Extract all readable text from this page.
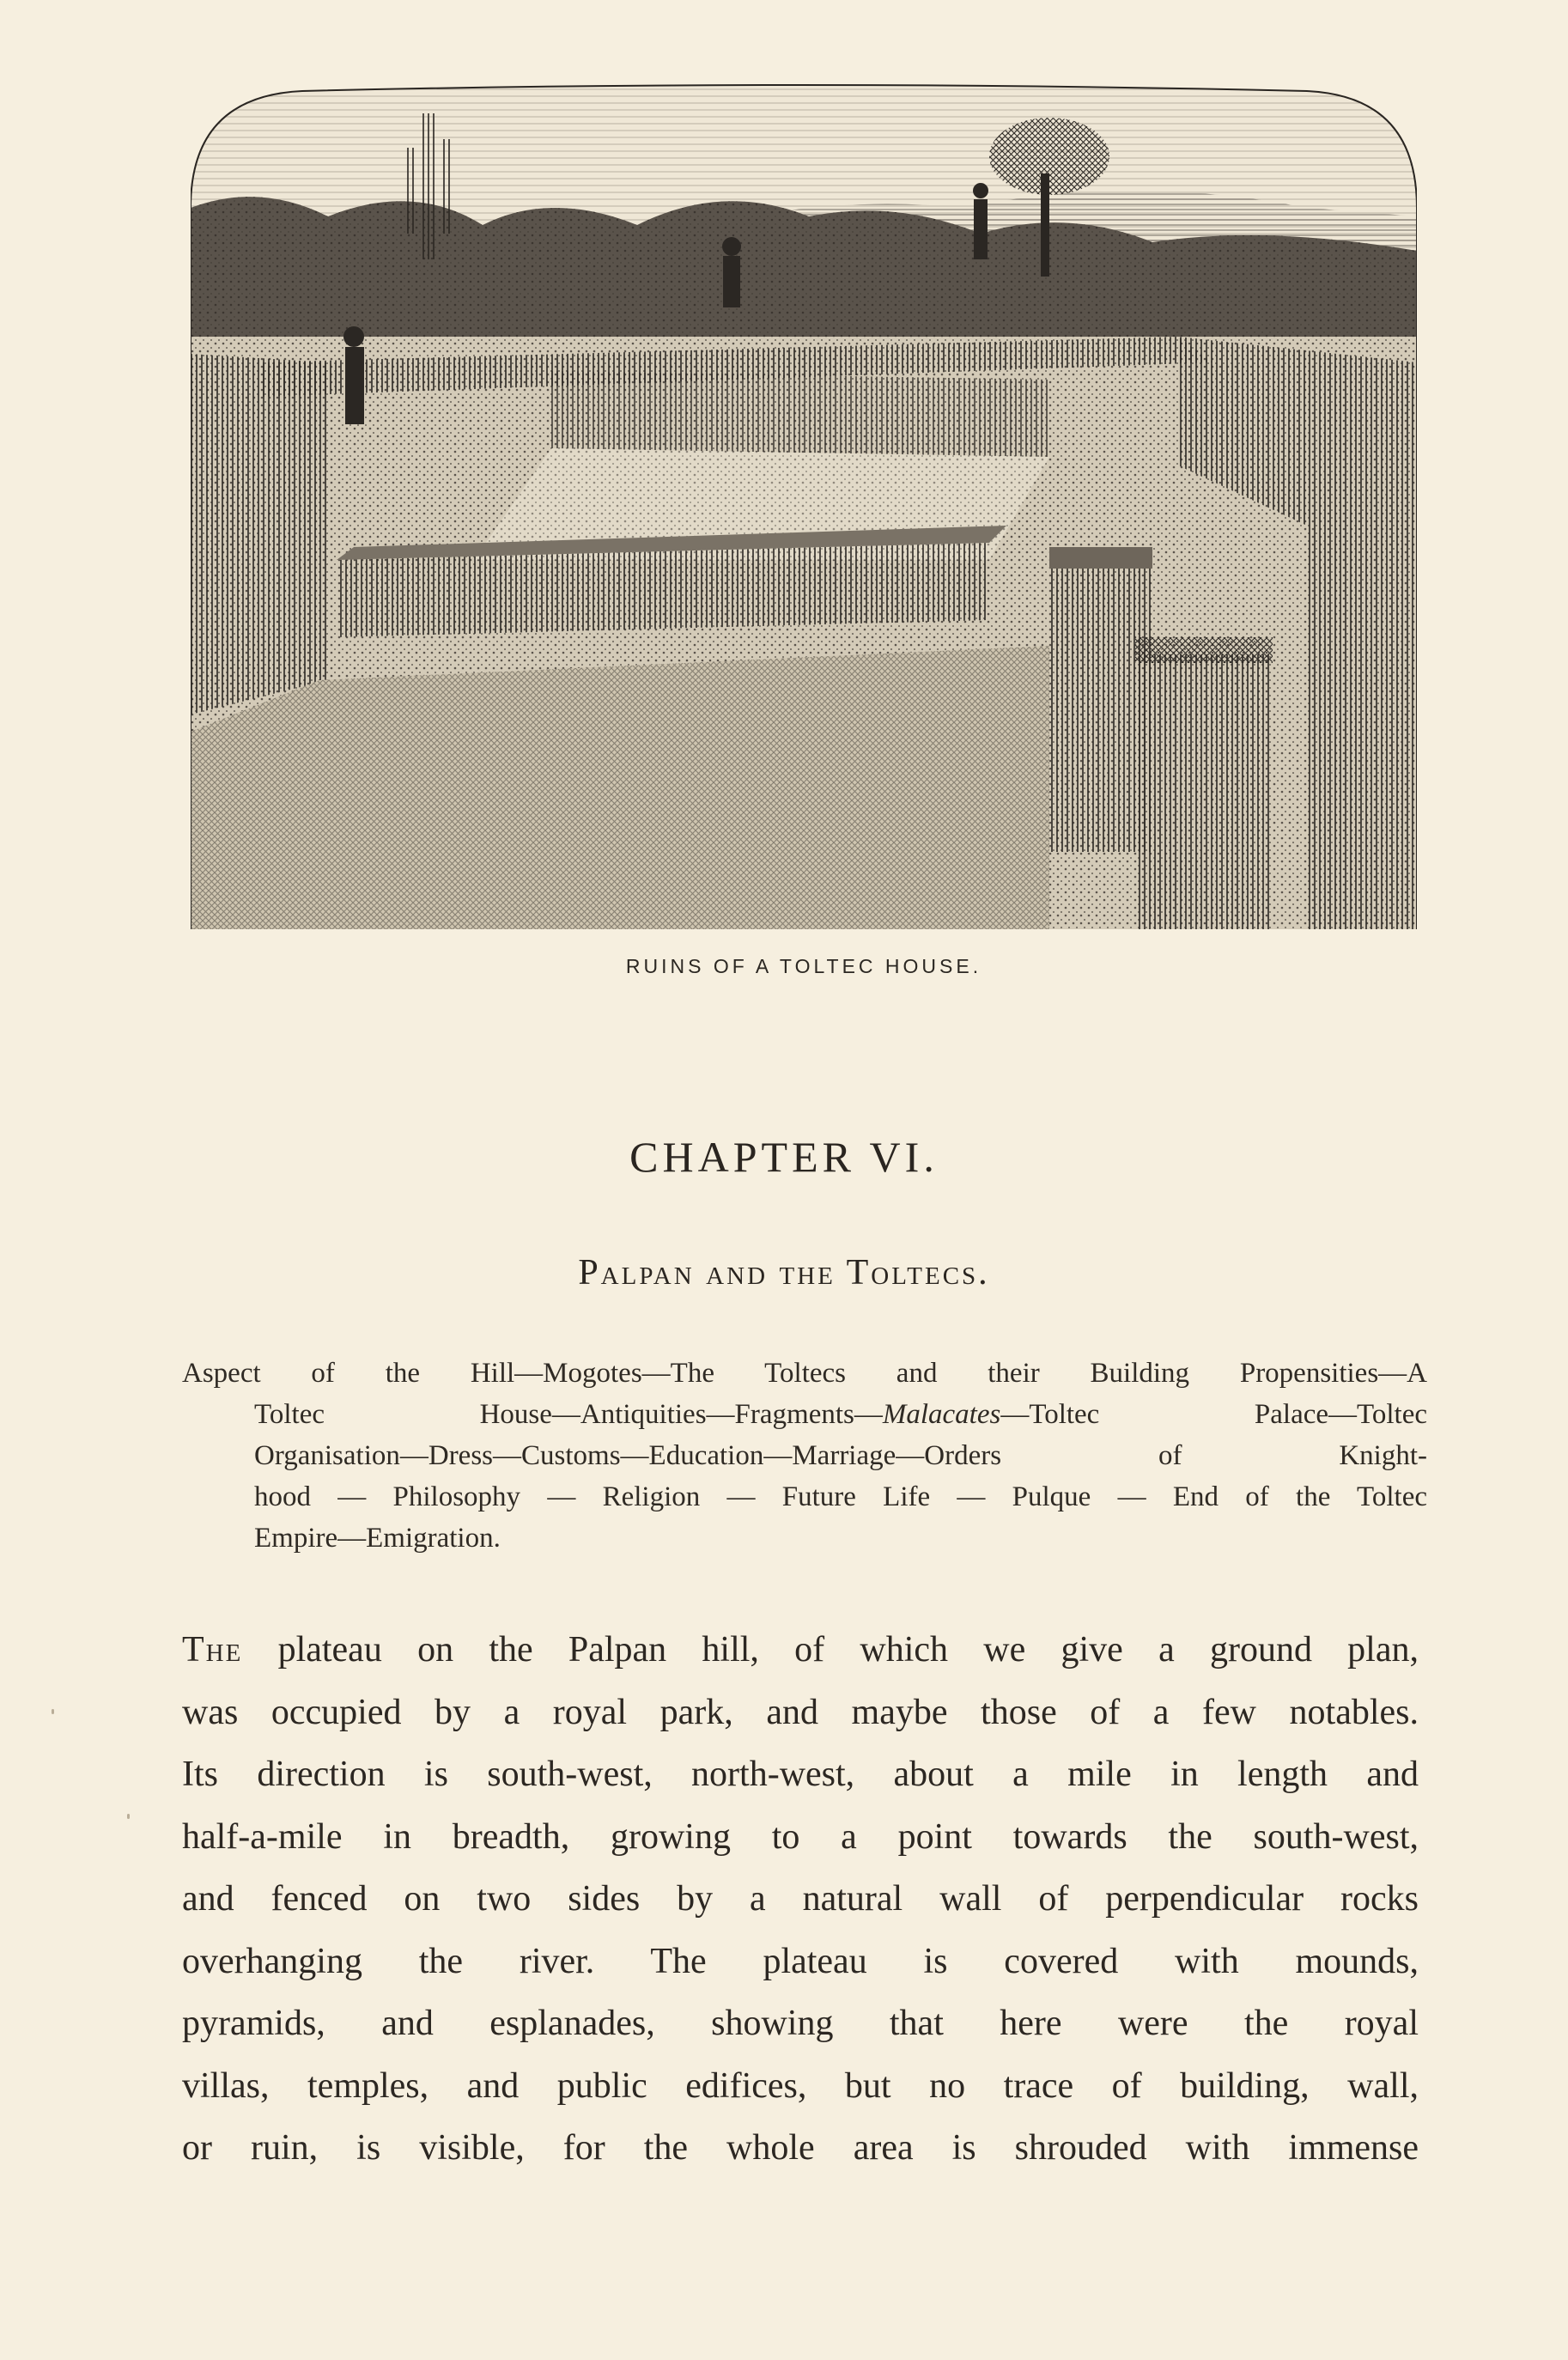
RUINS OF A TOLTEC HOUSE.
CHAPTER VI.
Palpan and the Toltecs.
Aspect of the Hill—Mogotes—The Toltecs and their Building Propensities—A
Toltec House—Antiquities—Fragments—Malacates—Toltec Palace—Toltec
Organisation—Dress—Customs—Education—Marriage—Orders of Knight-
hood — Philosophy — Religion — Future Life — Pulque — End of the Toltec
Empire—Emigration.
The plateau on the Palpan hill, of which we give a ground plan,
was occupied by a royal park, and maybe those of a few notables.
Its direction is south-west, north-west, about a mile in length and
half-a-mile in breadth, growing to a point towards the south-west,
and fenced on two sides by a natural wall of perpendicular rocks
overhanging the river. The plateau is covered with mounds,
pyramids, and esplanades, showing that here were the royal
villas, temples, and public edifices, but no trace of building, wall,
or ruin, is visible, for the whole area is shrouded with immense
